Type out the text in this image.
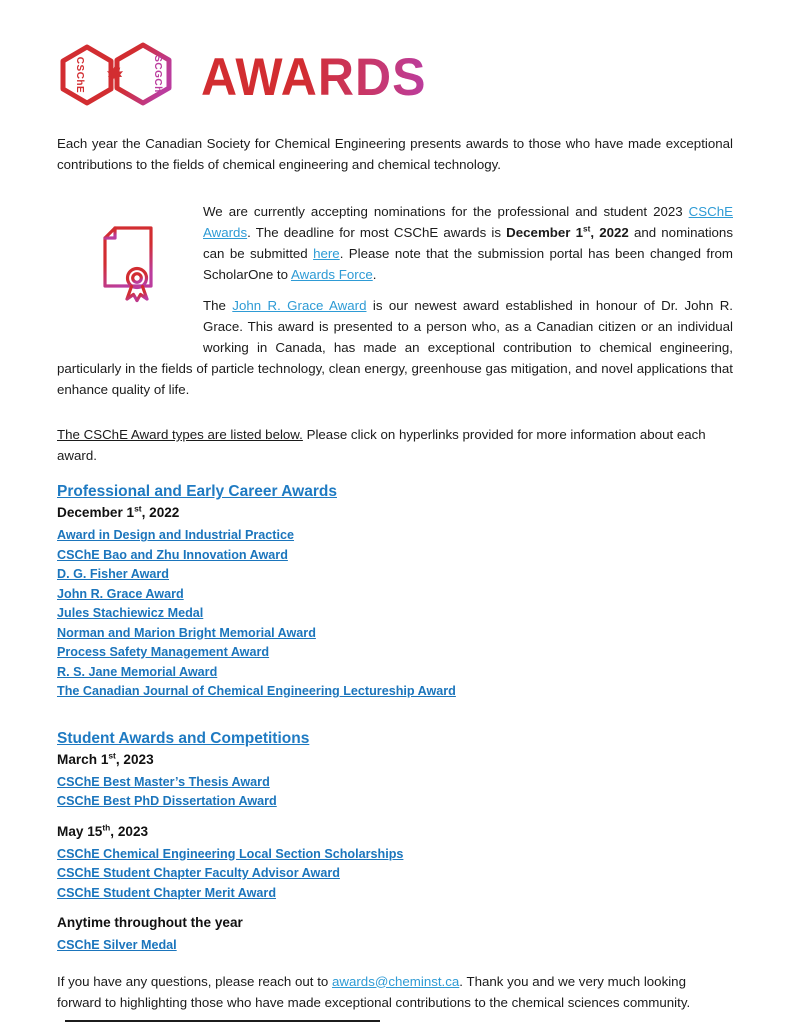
CSChE	SCGCh AWARDS

Each year the Canadian Society for Chemical Engineering presents awards to those who have made exceptional contributions to the fields of chemical engineering and chemical technology.

We are currently accepting nominations for the professional and student 2023 CSChE Awards. The deadline for most CSChE awards is December 1st, 2022 and nominations can be submitted here. Please note that the submission portal has been changed from ScholarOne to Awards Force.

The John R. Grace Award is our newest award established in honour of Dr. John R. Grace. This award is presented to a person who, as a Canadian citizen or an individual working in Canada, has made an exceptional contribution to chemical engineering, particularly in the fields of particle technology, clean energy, greenhouse gas mitigation, and novel applications that enhance quality of life.

The CSChE Award types are listed below. Please click on hyperlinks provided for more information about each award.

Professional and Early Career Awards
December 1st, 2022
Award in Design and Industrial Practice
CSChE Bao and Zhu Innovation Award
D. G. Fisher Award
John R. Grace Award
Jules Stachiewicz Medal
Norman and Marion Bright Memorial Award
Process Safety Management Award
R. S. Jane Memorial Award
The Canadian Journal of Chemical Engineering Lectureship Award
Student Awards and Competitions
March 1st, 2023
CSChE Best Master’s Thesis Award
CSChE Best PhD Dissertation Award
May 15th, 2023
CSChE Chemical Engineering Local Section Scholarships
CSChE Student Chapter Faculty Advisor Award
CSChE Student Chapter Merit Award
Anytime throughout the year
CSChE Silver Medal

If you have any questions, please reach out to awards@cheminst.ca. Thank you and we very much looking forward to highlighting those who have made exceptional contributions to the chemical sciences community.
